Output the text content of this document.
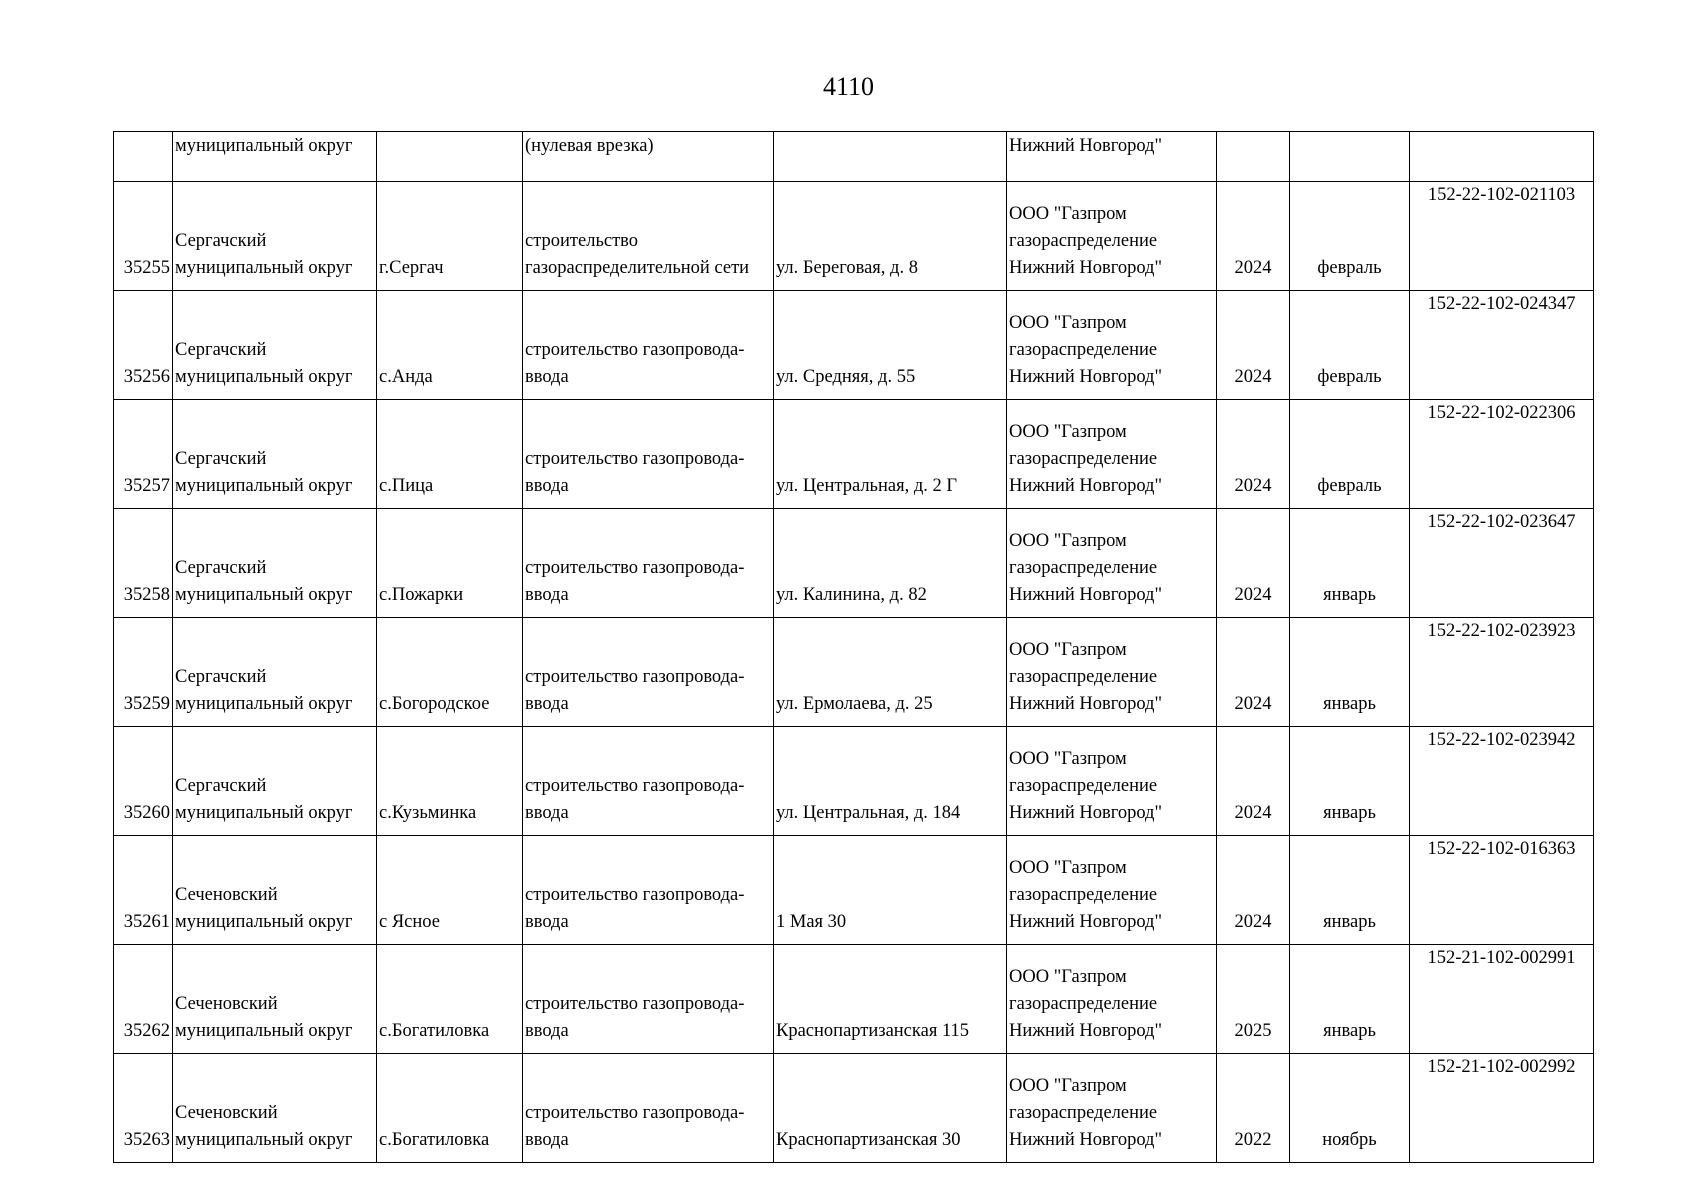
4110
	муниципальный округ		(нулевая врезка)		Нижний Новгород"			
35255	Сергачский
муниципальный округ	г.Сергач	строительство
газораспределительной сети	ул. Береговая, д. 8	ООО "Газпром
газораспределение
Нижний Новгород"	2024	февраль	152-22-102-021103
35256	Сергачский
муниципальный округ	с.Анда	строительство газопровода-
ввода	ул. Средняя, д. 55	ООО "Газпром
газораспределение
Нижний Новгород"	2024	февраль	152-22-102-024347
35257	Сергачский
муниципальный округ	с.Пица	строительство газопровода-
ввода	ул. Центральная, д. 2 Г	ООО "Газпром
газораспределение
Нижний Новгород"	2024	февраль	152-22-102-022306
35258	Сергачский
муниципальный округ	с.Пожарки	строительство газопровода-
ввода	ул. Калинина, д. 82	ООО "Газпром
газораспределение
Нижний Новгород"	2024	январь	152-22-102-023647
35259	Сергачский
муниципальный округ	с.Богородское	строительство газопровода-
ввода	ул. Ермолаева, д. 25	ООО "Газпром
газораспределение
Нижний Новгород"	2024	январь	152-22-102-023923
35260	Сергачский
муниципальный округ	с.Кузьминка	строительство газопровода-
ввода	ул. Центральная, д. 184	ООО "Газпром
газораспределение
Нижний Новгород"	2024	январь	152-22-102-023942
35261	Сеченовский
муниципальный округ	с Ясное	строительство газопровода-
ввода	1 Мая 30	ООО "Газпром
газораспределение
Нижний Новгород"	2024	январь	152-22-102-016363
35262	Сеченовский
муниципальный округ	с.Богатиловка	строительство газопровода-
ввода	Краснопартизанская 115	ООО "Газпром
газораспределение
Нижний Новгород"	2025	январь	152-21-102-002991
35263	Сеченовский
муниципальный округ	с.Богатиловка	строительство газопровода-
ввода	Краснопартизанская 30	ООО "Газпром
газораспределение
Нижний Новгород"	2022	ноябрь	152-21-102-002992
